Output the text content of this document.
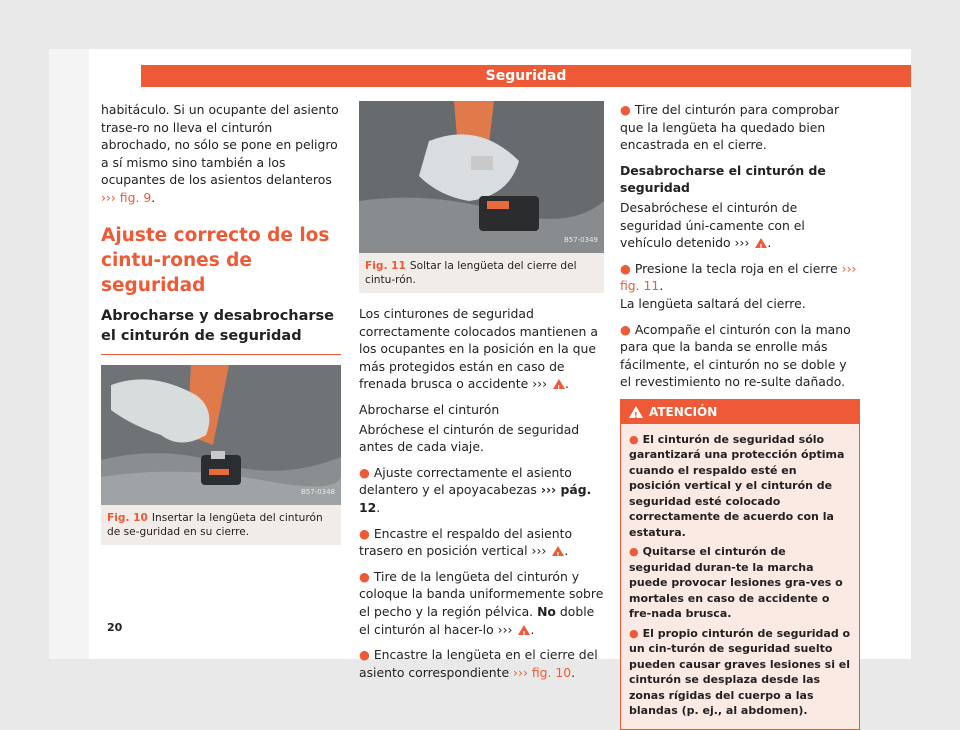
Seguridad

habitáculo. Si un ocupante del asiento trase-ro no lleva el cinturón abrochado, no sólo se pone en peligro a sí mismo sino también a los ocupantes de los asientos delanteros ››› fig. 9.

Ajuste correcto de los cintu-rones de seguridad
Abrocharse y desabrocharse el cinturón de seguridad
B57-0348
Fig. 10 Insertar la lengüeta del cinturón de se-guridad en su cierre.
B57-0349
Fig. 11 Soltar la lengüeta del cierre del cintu-rón.

Los cinturones de seguridad correctamente colocados mantienen a los ocupantes en la posición en la que más protegidos están en caso de frenada brusca o accidente ››› ! .

Abrocharse el cinturón

Abróchese el cinturón de seguridad antes de cada viaje.

● Ajuste correctamente el asiento delantero y el apoyacabezas ››› pág. 12.

● Encastre el respaldo del asiento trasero en posición vertical ››› ! .

● Tire de la lengüeta del cinturón y coloque la banda uniformemente sobre el pecho y la región pélvica. No doble el cinturón al hacer-lo ››› ! .

● Encastre la lengüeta en el cierre del asiento correspondiente ››› fig. 10.

● Tire del cinturón para comprobar que la lengüeta ha quedado bien encastrada en el cierre.

Desabrocharse el cinturón de seguridad

Desabróchese el cinturón de seguridad úni-camente con el vehículo detenido ››› ! .

● Presione la tecla roja en el cierre ››› fig. 11.
La lengüeta saltará del cierre.

● Acompañe el cinturón con la mano para que la banda se enrolle más fácilmente, el cinturón no se doble y el revestimiento no re-sulte dañado.

!ATENCIÓN

● El cinturón de seguridad sólo garantizará una protección óptima cuando el respaldo esté en posición vertical y el cinturón de seguridad esté colocado correctamente de acuerdo con la estatura.

● Quitarse el cinturón de seguridad duran-te la marcha puede provocar lesiones gra-ves o mortales en caso de accidente o fre-nada brusca.

● El propio cinturón de seguridad o un cin-turón de seguridad suelto pueden causar graves lesiones si el cinturón se desplaza desde las zonas rígidas del cuerpo a las blandas (p. ej., al abdomen).

20
